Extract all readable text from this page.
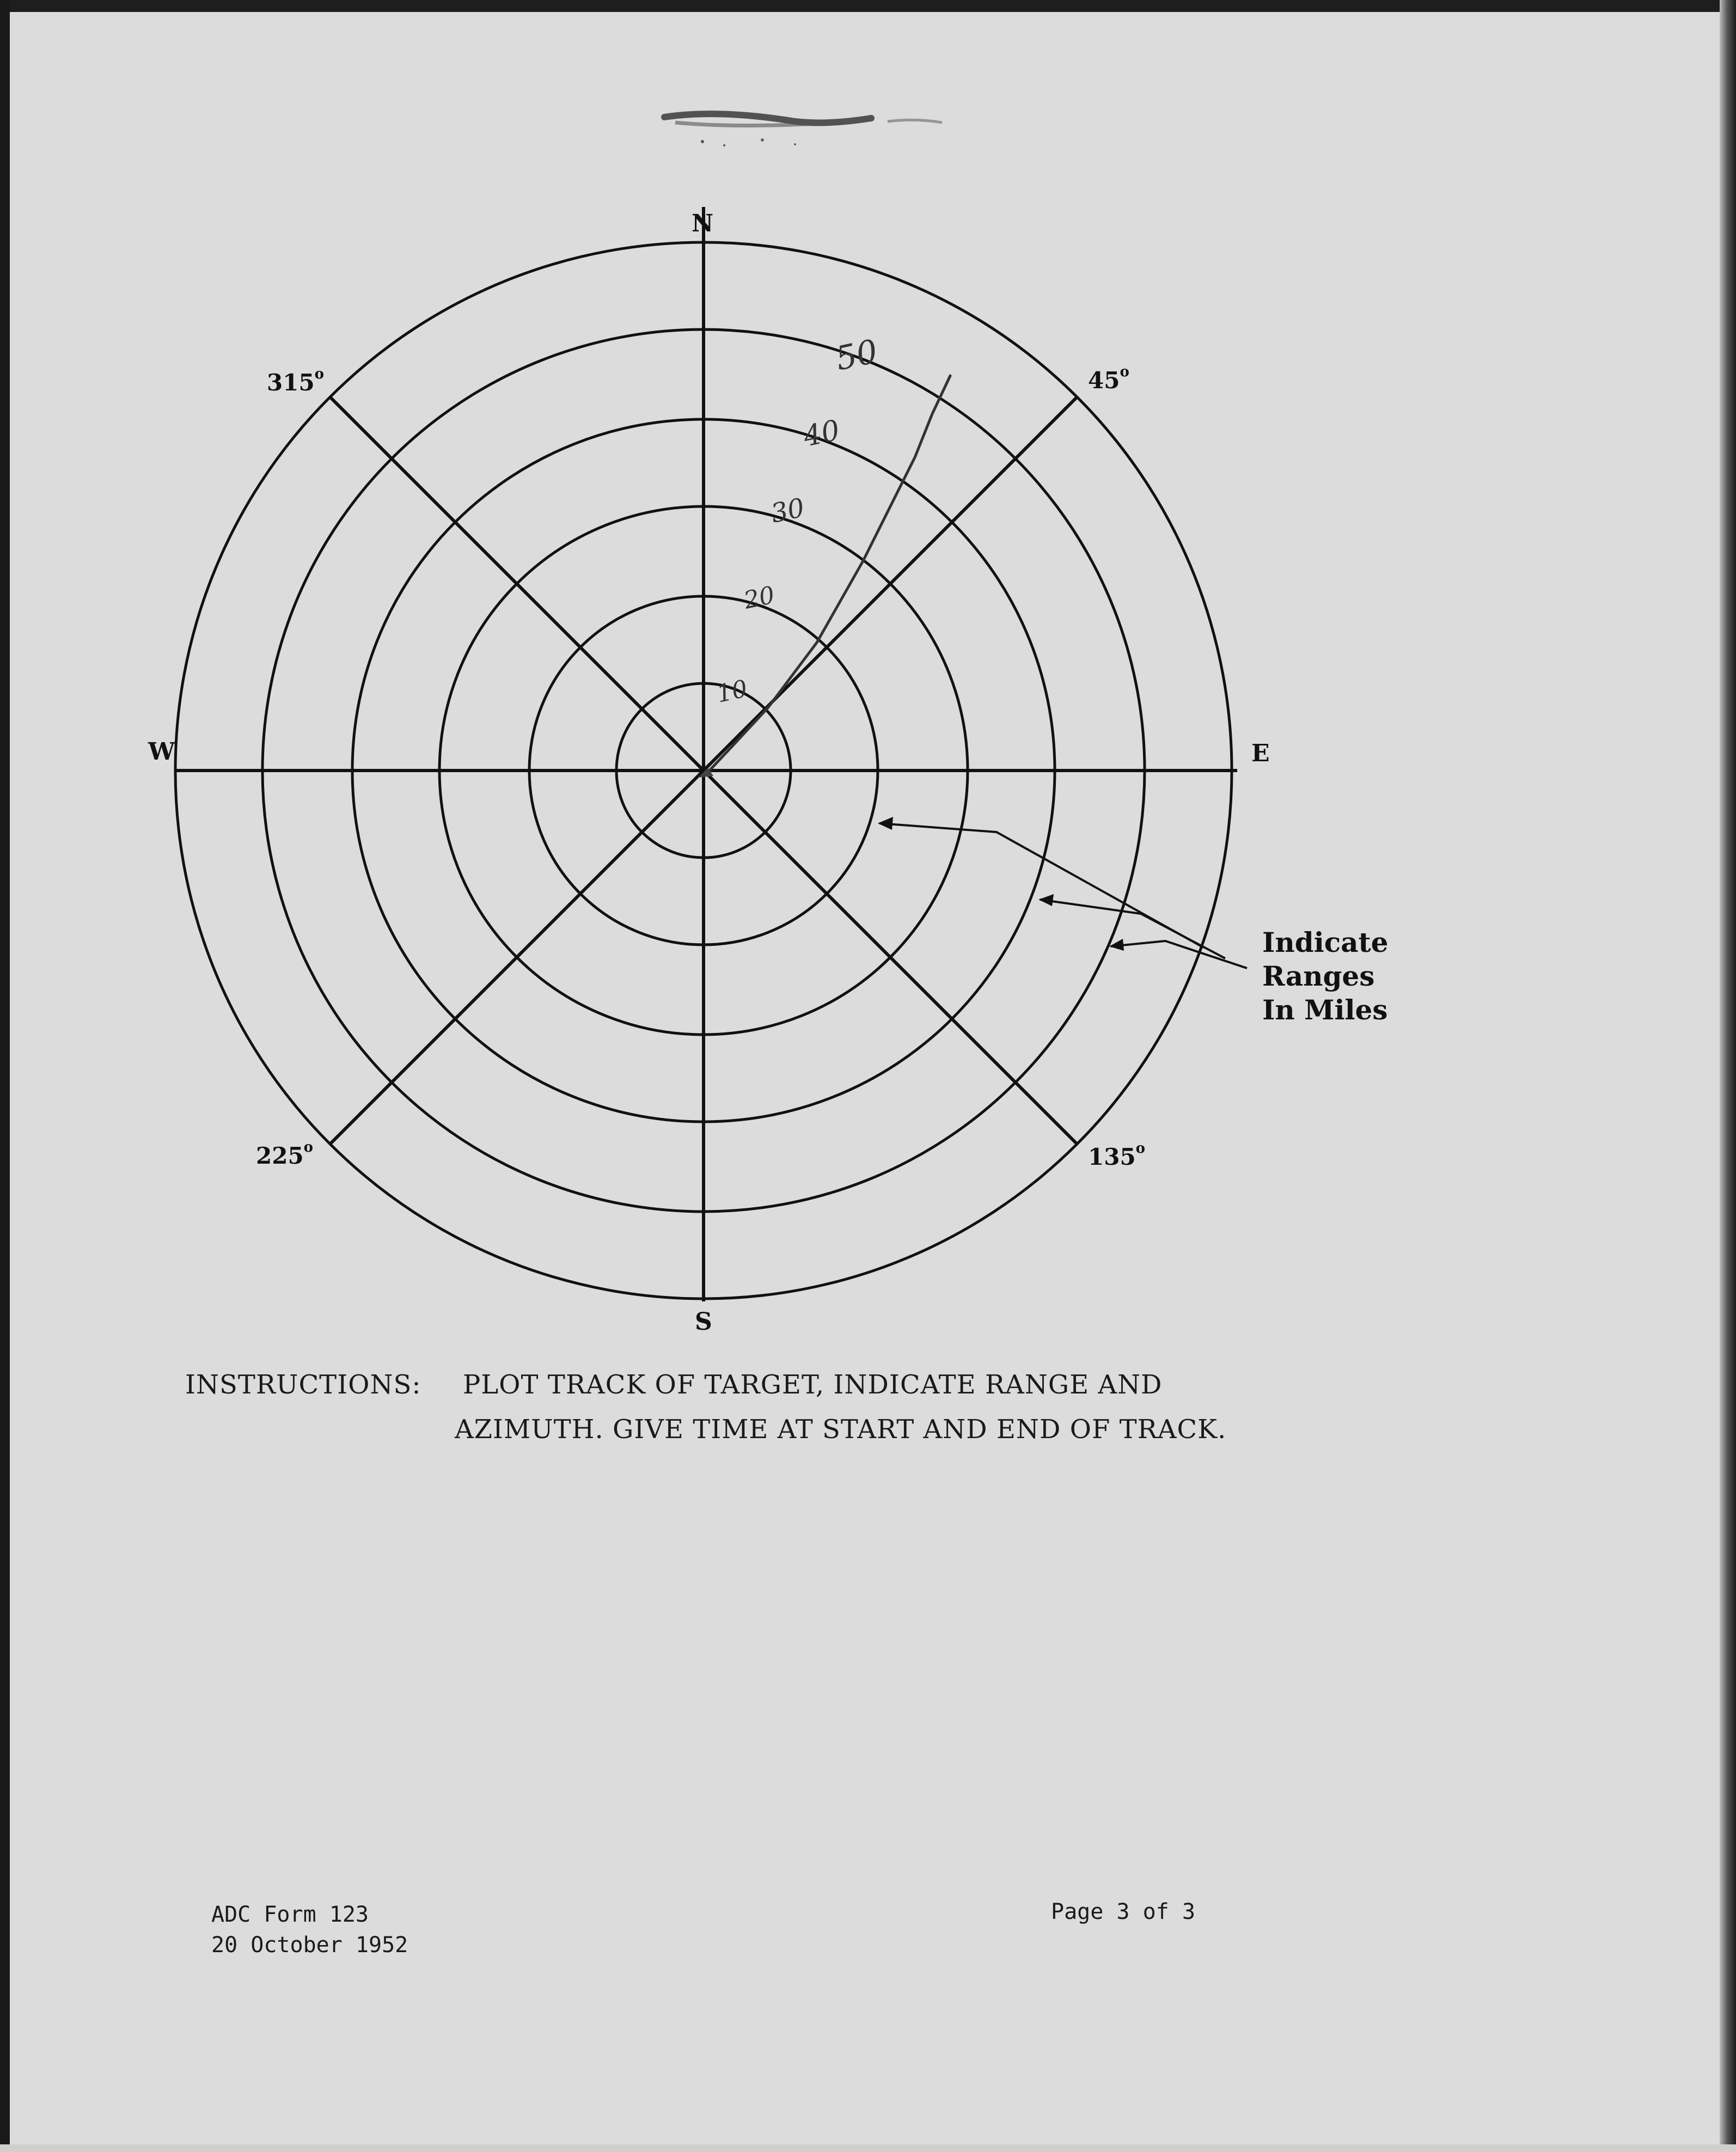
10
20
30
40
50
N
S
E
W
45$^o$
135$^o$
225$^o$
315$^o$
Indicate
Ranges
In Miles
INSTRUCTIONS: PLOT TRACK OF TARGET, INDICATE RANGE AND
AZIMUTH. GIVE TIME AT START AND END OF TRACK.
ADC Form 123
20 October 1952
Page 3 of 3
